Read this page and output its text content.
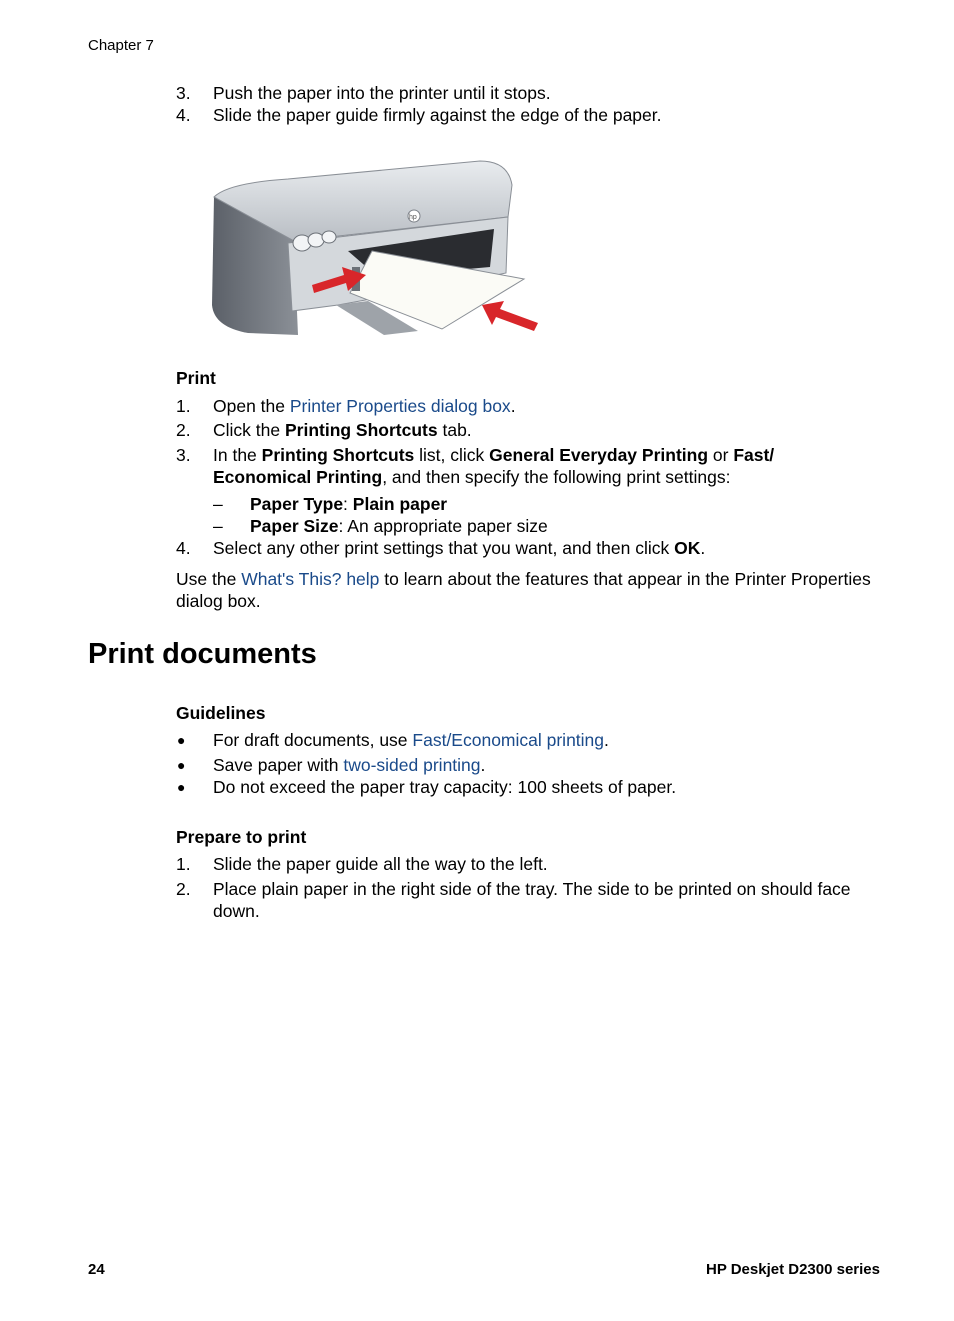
Chapter 7
3. Push the paper into the printer until it stops.
4. Slide the paper guide firmly against the edge of the paper.
hp
Print
1. Open the Printer Properties dialog box.
2. Click the Printing Shortcuts tab.
3. In the Printing Shortcuts list, click General Everyday Printing or Fast/
Economical Printing, and then specify the following print settings:
– Paper Type: Plain paper
– Paper Size: An appropriate paper size
4. Select any other print settings that you want, and then click OK.
Use the What's This? help to learn about the features that appear in the Printer Properties
dialog box.
Print documents
Guidelines
● For draft documents, use Fast/Economical printing.
● Save paper with two-sided printing.
● Do not exceed the paper tray capacity: 100 sheets of paper.
Prepare to print
1. Slide the paper guide all the way to the left.
2. Place plain paper in the right side of the tray. The side to be printed on should face
down.
24	HP Deskjet D2300 series
